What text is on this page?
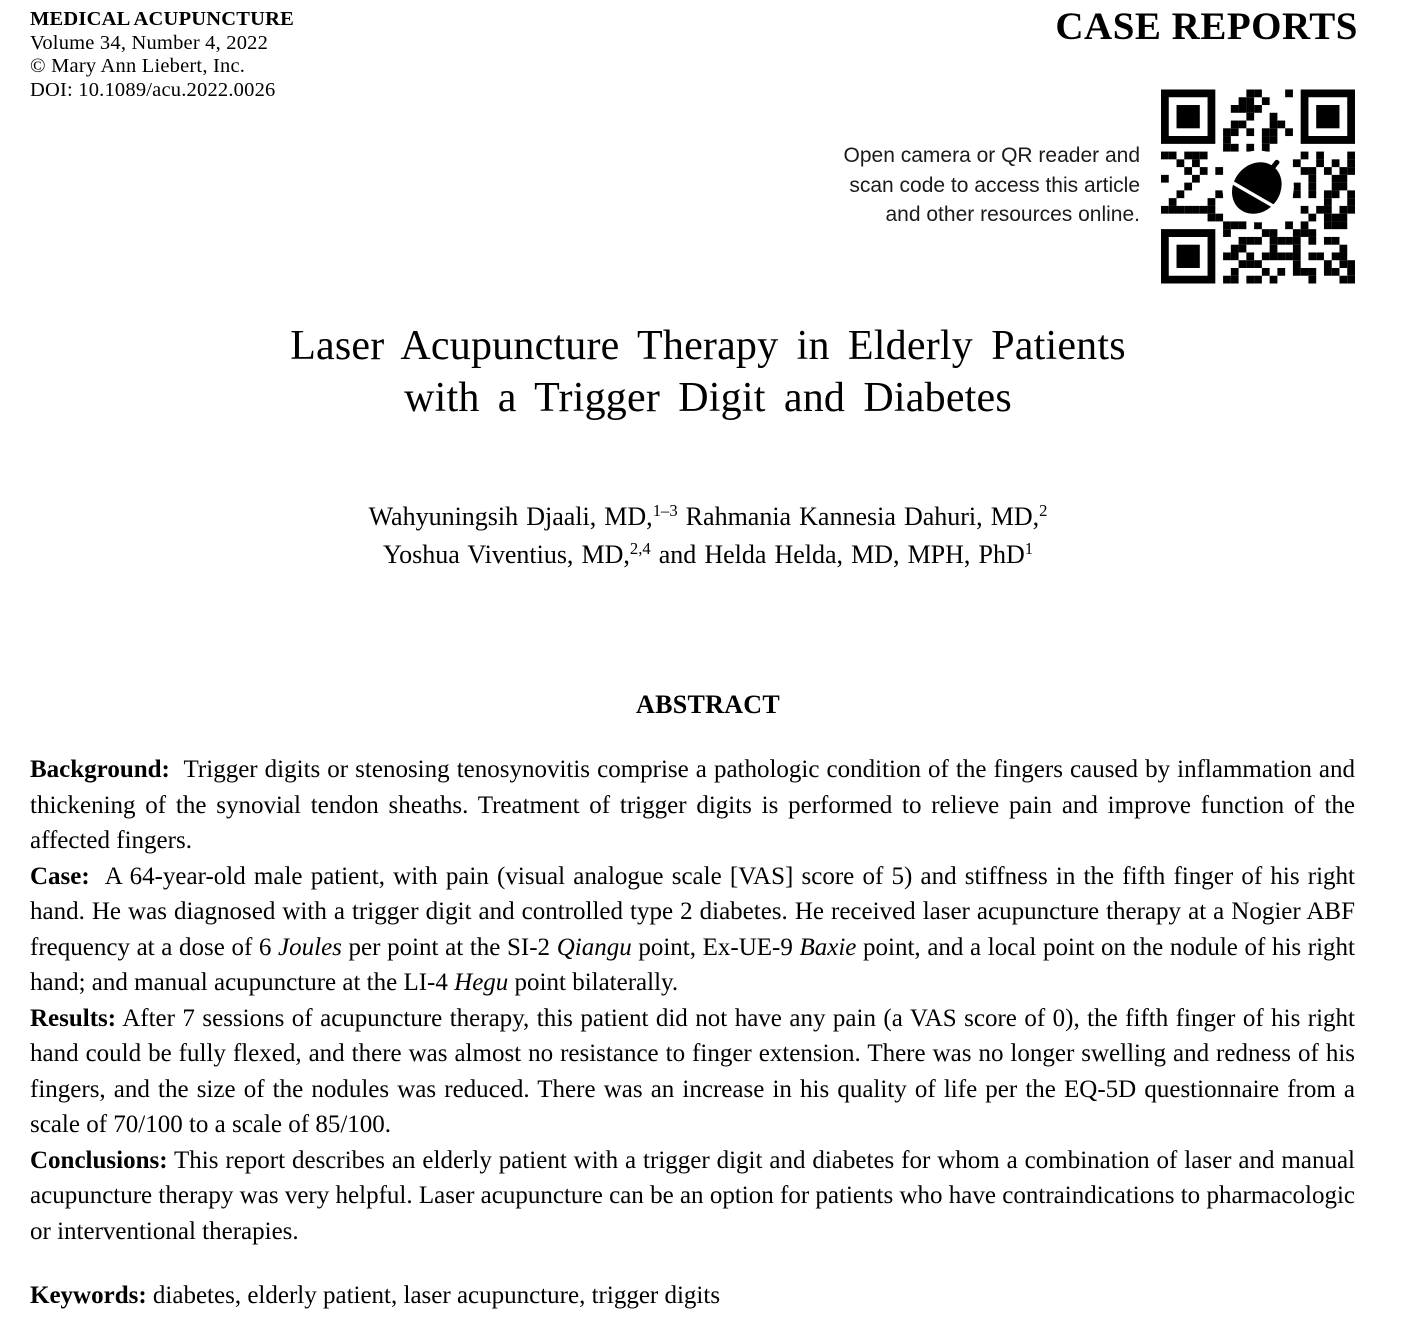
MEDICAL ACUPUNCTURE
Volume 34, Number 4, 2022
© Mary Ann Liebert, Inc.
DOI: 10.1089/acu.2022.0026
CASE REPORTS
Open camera or QR reader and
scan code to access this article
and other resources online.
Laser Acupuncture Therapy in Elderly Patients
with a Trigger Digit and Diabetes
Wahyuningsih Djaali, MD,$^{1-3}$ Rahmania Kannesia Dahuri, MD,$^2$
Yoshua Viventius, MD,$^{2,4}$ and Helda Helda, MD, MPH, PhD$^1$
ABSTRACT

Background:  Trigger digits or stenosing tenosynovitis comprise a pathologic condition of the fingers caused by inflammation and thickening of the synovial tendon sheaths. Treatment of trigger digits is performed to relieve pain and improve function of the affected fingers.

Case:  A 64-year-old male patient, with pain (visual analogue scale [VAS] score of 5) and stiffness in the fifth finger of his right hand. He was diagnosed with a trigger digit and controlled type 2 diabetes. He received laser acupuncture therapy at a Nogier ABF frequency at a dose of 6 Joules per point at the SI-2 Qiangu point, Ex-UE-9 Baxie point, and a local point on the nodule of his right hand; and manual acupuncture at the LI-4 Hegu point bilaterally.

Results: After 7 sessions of acupuncture therapy, this patient did not have any pain (a VAS score of 0), the fifth finger of his right hand could be fully flexed, and there was almost no resistance to finger extension. There was no longer swelling and redness of his fingers, and the size of the nodules was reduced. There was an increase in his quality of life per the EQ-5D questionnaire from a scale of 70/100 to a scale of 85/100.

Conclusions: This report describes an elderly patient with a trigger digit and diabetes for whom a combination of laser and manual acupuncture therapy was very helpful. Laser acupuncture can be an option for patients who have contraindications to pharmacologic or interventional therapies.

Keywords: diabetes, elderly patient, laser acupuncture, trigger digits
